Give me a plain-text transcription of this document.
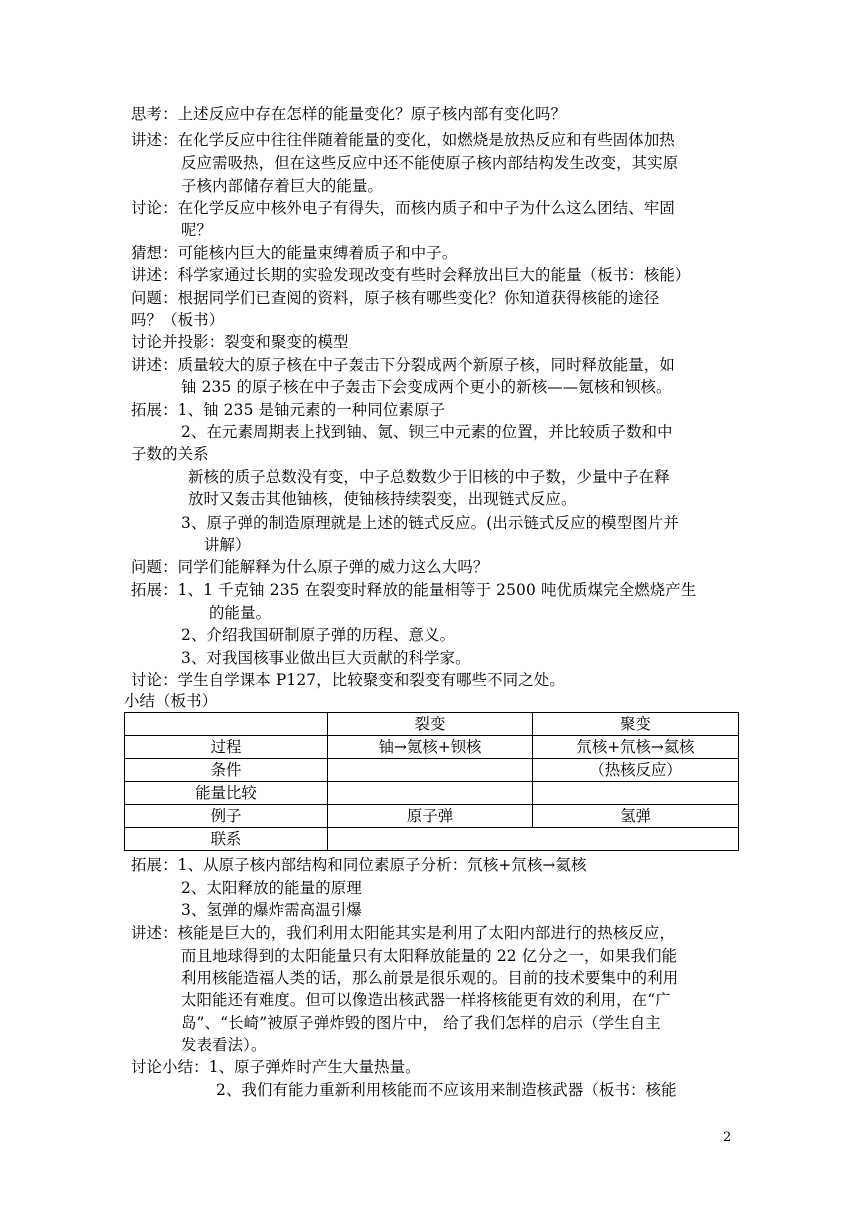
思考：上述反应中存在怎样的能量变化？原子核内部有变化吗？
讲述：在化学反应中往往伴随着能量的变化，如燃烧是放热反应和有些固体加热
反应需吸热，但在这些反应中还不能使原子核内部结构发生改变，其实原
子核内部储存着巨大的能量。
讨论：在化学反应中核外电子有得失，而核内质子和中子为什么这么团结、牢固
呢？
猜想：可能核内巨大的能量束缚着质子和中子。
讲述：科学家通过长期的实验发现改变有些时会释放出巨大的能量（板书：核能）
问题：根据同学们已查阅的资料，原子核有哪些变化？你知道获得核能的途径
吗？（板书）
讨论并投影：裂变和聚变的模型
讲述：质量较大的原子核在中子轰击下分裂成两个新原子核，同时释放能量，如
铀 235 的原子核在中子轰击下会变成两个更小的新核——氪核和钡核。
拓展：1、铀 235 是铀元素的一种同位素原子
2、在元素周期表上找到铀、氪、钡三中元素的位置，并比较质子数和中
子数的关系
新核的质子总数没有变，中子总数数少于旧核的中子数，少量中子在释
放时又轰击其他铀核，使铀核持续裂变，出现链式反应。
3、原子弹的制造原理就是上述的链式反应。(出示链式反应的模型图片并
讲解）
问题：同学们能解释为什么原子弹的威力这么大吗？
拓展：1、1 千克铀 235 在裂变时释放的能量相等于 2500 吨优质煤完全燃烧产生
的能量。
2、介绍我国研制原子弹的历程、意义。
3、对我国核事业做出巨大贡献的科学家。
讨论：学生自学课本 P127，比较聚变和裂变有哪些不同之处。
小结（板书）
	裂变	聚变
过程	铀→氪核+钡核	氘核+氘核→氦核
条件		（热核反应）
能量比较		
例子	原子弹	氢弹
联系		
拓展：1、从原子核内部结构和同位素原子分析：氘核+氘核→氦核
2、太阳释放的能量的原理
3、氢弹的爆炸需高温引爆
讲述：核能是巨大的，我们利用太阳能其实是利用了太阳内部进行的热核反应，
而且地球得到的太阳能量只有太阳释放能量的 22 亿分之一，如果我们能
利用核能造福人类的话，那么前景是很乐观的。目前的技术要集中的利用
太阳能还有难度。但可以像造出核武器一样将核能更有效的利用，在“广
岛”、“长崎”被原子弹炸毁的图片中， 给了我们怎样的启示（学生自主
发表看法）。
讨论小结：1、原子弹炸时产生大量热量。
2、我们有能力重新利用核能而不应该用来制造核武器（板书：核能
2
